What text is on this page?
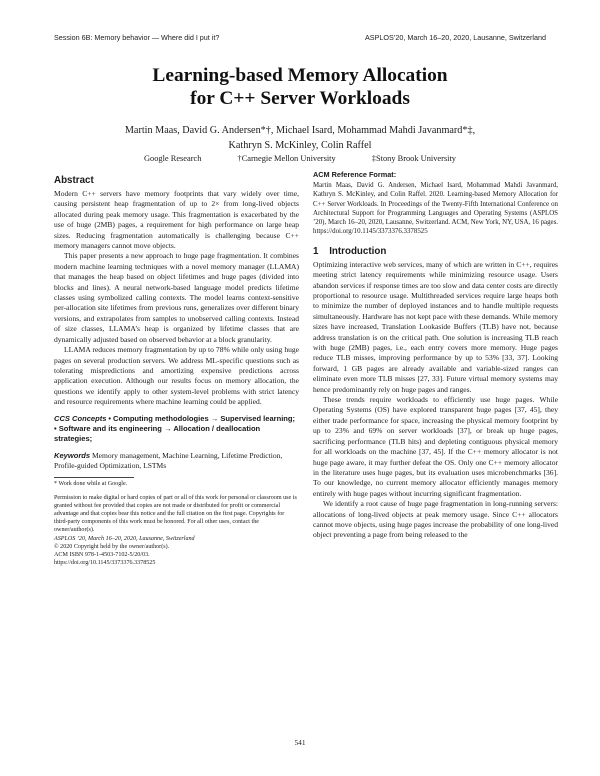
Session 6B: Memory behavior — Where did I put it?	ASPLOS’20, March 16–20, 2020, Lausanne, Switzerland
Learning-based Memory Allocation
for C++ Server Workloads
Martin Maas, David G. Andersen*†, Michael Isard, Mohammad Mahdi Javanmard*‡,
Kathryn S. McKinley, Colin Raffel
Google Research	†Carnegie Mellon University	‡Stony Brook University
Abstract

Modern C++ servers have memory footprints that vary widely over time, causing persistent heap fragmentation of up to 2× from long-lived objects allocated during peak memory usage. This fragmentation is exacerbated by the use of huge (2MB) pages, a requirement for high performance on large heap sizes. Reducing fragmentation automatically is challenging because C++ memory managers cannot move objects.

This paper presents a new approach to huge page fragmentation. It combines modern machine learning techniques with a novel memory manager (LLAMA) that manages the heap based on object lifetimes and huge pages (divided into blocks and lines). A neural network-based language model predicts lifetime classes using symbolized calling contexts. The model learns context-sensitive per-allocation site lifetimes from previous runs, generalizes over different binary versions, and extrapolates from samples to unobserved calling contexts. Instead of size classes, LLAMA’s heap is organized by lifetime classes that are dynamically adjusted based on observed behavior at a block granularity.

LLAMA reduces memory fragmentation by up to 78% while only using huge pages on several production servers. We address ML-specific questions such as tolerating mispredictions and amortizing expensive predictions across application execution. Although our results focus on memory allocation, the questions we identify apply to other system-level problems with strict latency and resource requirements where machine learning could be applied.

CCS Concepts • Computing methodologies → Supervised learning; • Software and its engineering → Allocation / deallocation strategies;
Keywords Memory management, Machine Learning, Lifetime Prediction, Profile-guided Optimization, LSTMs
* Work done while at Google.

Permission to make digital or hard copies of part or all of this work for personal or classroom use is granted without fee provided that copies are not made or distributed for profit or commercial advantage and that copies bear this notice and the full citation on the first page. Copyrights for third-party components of this work must be honored. For all other uses, contact the owner/author(s).

ASPLOS ’20, March 16–20, 2020, Lausanne, Switzerland

© 2020 Copyright held by the owner/author(s).

ACM ISBN 978-1-4503-7102-5/20/03.

https://doi.org/10.1145/3373376.3378525

ACM Reference Format:
Martin Maas, David G. Andersen, Michael Isard, Mohammad Mahdi Javanmard, Kathryn S. McKinley, and Colin Raffel. 2020. Learning-based Memory Allocation for C++ Server Workloads. In Proceedings of the Twenty-Fifth International Conference on Architectural Support for Programming Languages and Operating Systems (ASPLOS ’20), March 16–20, 2020, Lausanne, Switzerland. ACM, New York, NY, USA, 16 pages. https://doi.org/10.1145/3373376.3378525
1 Introduction

Optimizing interactive web services, many of which are written in C++, requires meeting strict latency requirements while minimizing resource usage. Users abandon services if response times are too slow and data center costs are directly proportional to resource usage. Multithreaded services require large heaps both to minimize the number of deployed instances and to handle multiple requests simultaneously. Hardware has not kept pace with these demands. While memory sizes have increased, Translation Lookaside Buffers (TLB) have not, because address translation is on the critical path. One solution is increasing TLB reach with huge (2MB) pages, i.e., each entry covers more memory. Huge pages reduce TLB misses, improving performance by up to 53% [33, 37]. Looking forward, 1 GB pages are already available and variable-sized ranges can eliminate even more TLB misses [27, 33]. Future virtual memory systems may hence predominantly rely on huge pages and ranges.

These trends require workloads to efficiently use huge pages. While Operating Systems (OS) have explored transparent huge pages [37, 45], they either trade performance for space, increasing the physical memory footprint by up to 23% and 69% on server workloads [37], or break up huge pages, sacrificing performance (TLB hits) and depleting contiguous physical memory for all workloads on the machine [37, 45]. If the C++ memory allocator is not huge page aware, it may further defeat the OS. Only one C++ memory allocator in the literature uses huge pages, but its evaluation uses microbenchmarks [36]. To our knowledge, no current memory allocator efficiently manages memory entirely with huge pages without incurring significant fragmentation.

We identify a root cause of huge page fragmentation in long-running servers: allocations of long-lived objects at peak memory usage. Since C++ allocators cannot move objects, using huge pages increase the probability of one long-lived object preventing a page from being released to the

541
